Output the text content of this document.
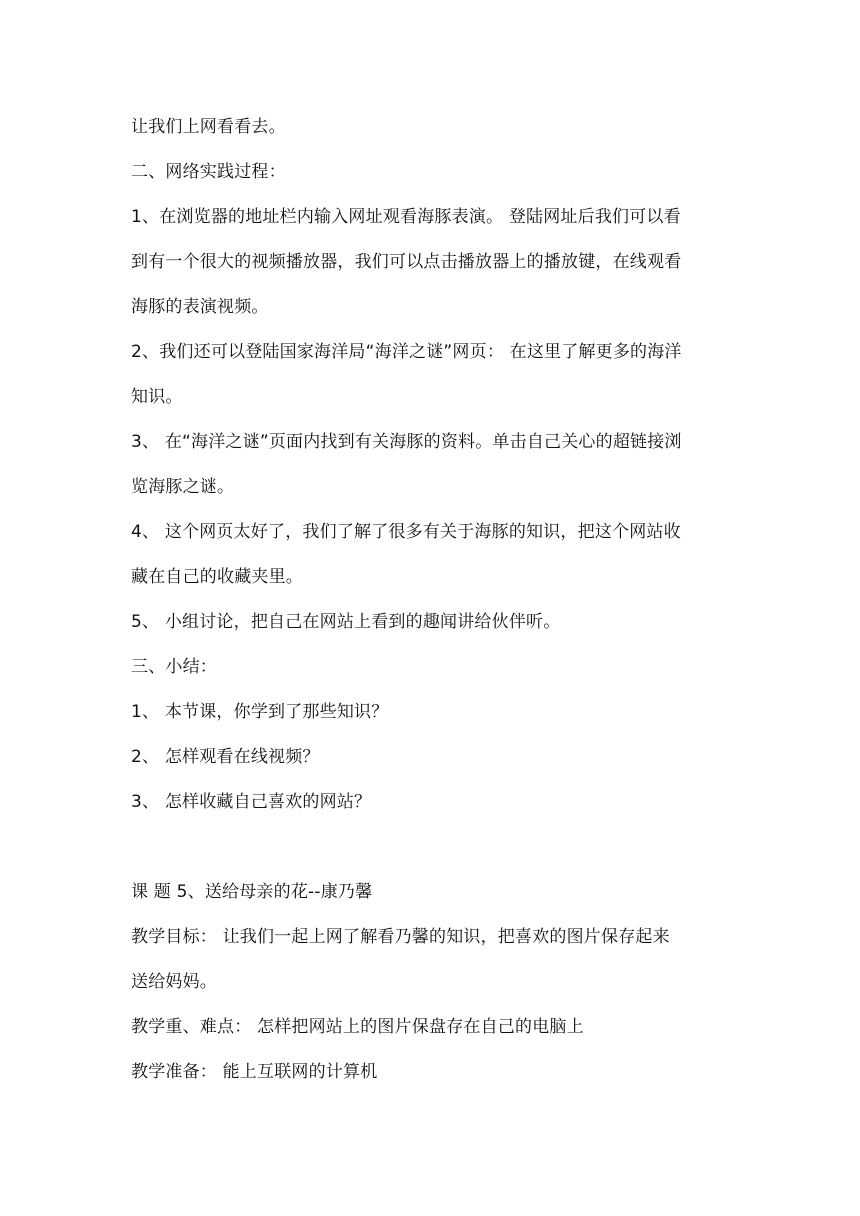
让我们上网看看去。
二、网络实践过程：
1、在浏览器的地址栏内输入网址观看海豚表演。 登陆网址后我们可以看
到有一个很大的视频播放器，我们可以点击播放器上的播放键，在线观看
海豚的表演视频。
2、我们还可以登陆国家海洋局“海洋之谜”网页： 在这里了解更多的海洋
知识。
3、 在“海洋之谜”页面内找到有关海豚的资料。单击自己关心的超链接浏
览海豚之谜。
4、 这个网页太好了，我们了解了很多有关于海豚的知识，把这个网站收
藏在自己的收藏夹里。
5、 小组讨论，把自己在网站上看到的趣闻讲给伙伴听。
三、小结：
1、 本节课，你学到了那些知识？
2、 怎样观看在线视频？
3、 怎样收藏自己喜欢的网站？
课 题 5、送给母亲的花--康乃馨
教学目标： 让我们一起上网了解看乃馨的知识，把喜欢的图片保存起来
送给妈妈。
教学重、难点： 怎样把网站上的图片保盘存在自己的电脑上
教学准备： 能上互联网的计算机
